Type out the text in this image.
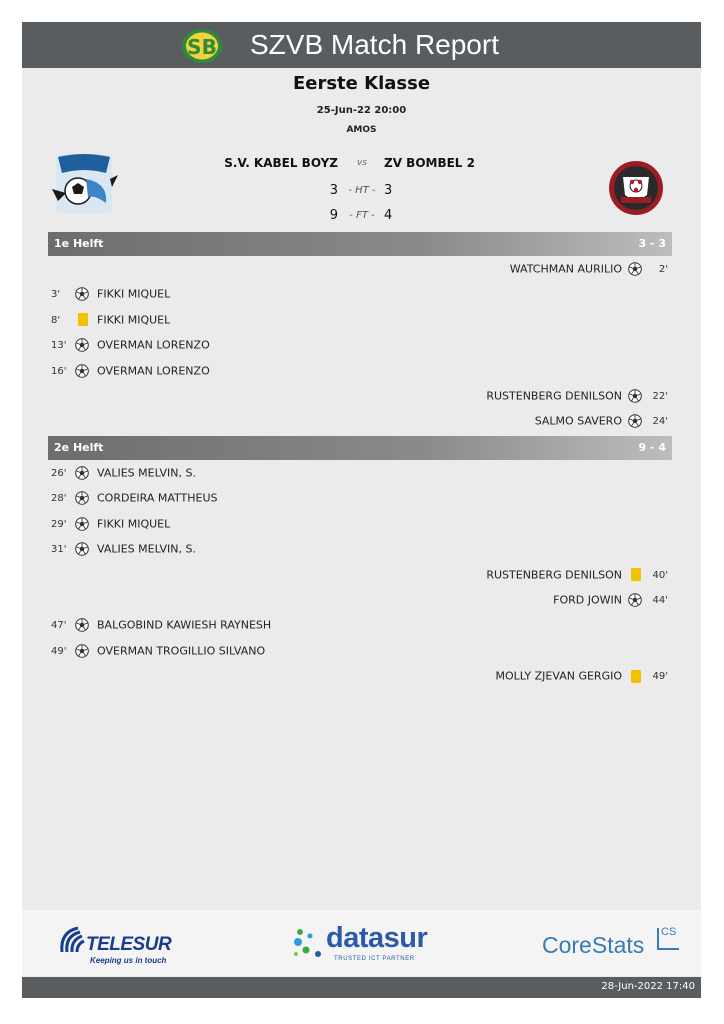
SB SZVB Match Report
Eerste Klasse
25-Jun-22 20:00
AMOS
S.V. KABEL BOYZ	vs	ZV BOMBEL 2
3	- HT - 3
9	- FT - 4
1e Helft	3 - 3
WATCHMAN AURILIO	2'
3'	FIKKI MIQUEL
8'	FIKKI MIQUEL
13'	OVERMAN LORENZO
16'	OVERMAN LORENZO
RUSTENBERG DENILSON	22'
SALMO SAVERO	24'
2e Helft	9 - 4
26'	VALIES MELVIN, S.
28'	CORDEIRA MATTHEUS
29'	FIKKI MIQUEL
31'	VALIES MELVIN, S.
RUSTENBERG DENILSON	40'
FORD JOWIN	44'
47'	BALGOBIND KAWIESH RAYNESH
49'	OVERMAN TROGILLIO SILVANO
MOLLY ZJEVAN GERGIO	49'
TELESUR
Keeping us in touch
datasur
TRUSTED ICT PARTNER
CoreStats CS
28-Jun-2022 17:40
